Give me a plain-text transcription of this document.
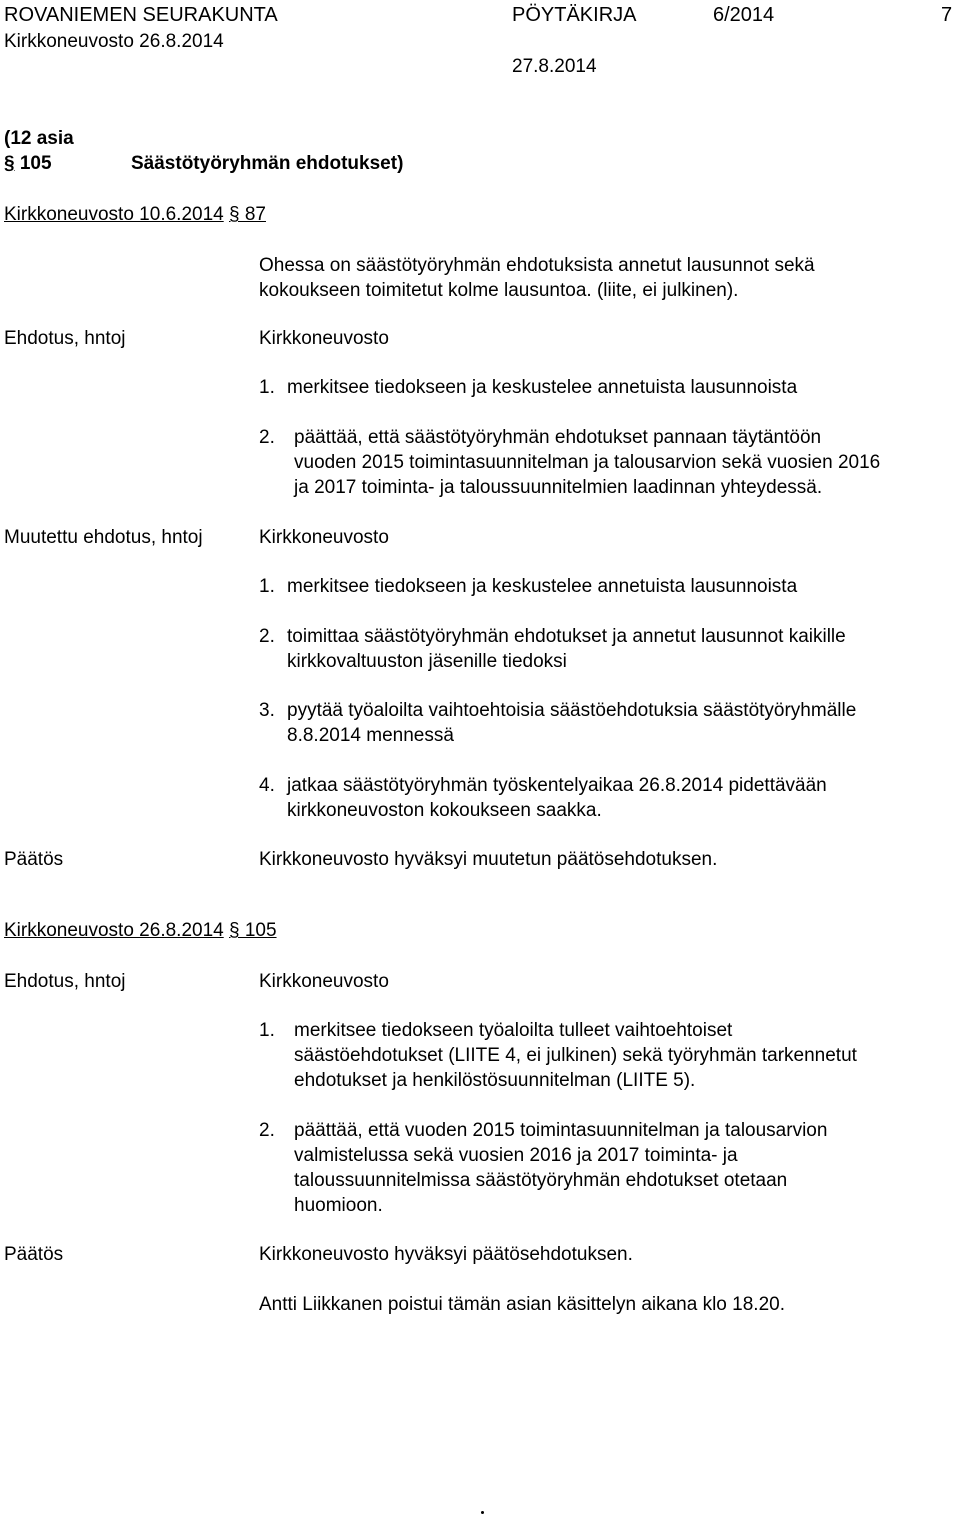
ROVANIEMEN SEURAKUNTA	PÖYTÄKIRJA	6/2014	7
Kirkkoneuvosto 26.8.2014
27.8.2014
(12 asia
§ 105	Säästötyöryhmän ehdotukset)
Kirkkoneuvosto 10.6.2014 § 87
Ohessa on säästötyöryhmän ehdotuksista annetut lausunnot sekä
kokoukseen toimitetut kolme lausuntoa. (liite, ei julkinen).
Ehdotus, hntoj	Kirkkoneuvosto
1. merkitsee tiedokseen ja keskustelee annetuista lausunnoista
2. päättää, että säästötyöryhmän ehdotukset pannaan täytäntöön
vuoden 2015 toimintasuunnitelman ja talousarvion sekä vuosien 2016
ja 2017 toiminta- ja taloussuunnitelmien laadinnan yhteydessä.
Muutettu ehdotus, hntoj	Kirkkoneuvosto
1. merkitsee tiedokseen ja keskustelee annetuista lausunnoista
2. toimittaa säästötyöryhmän ehdotukset ja annetut lausunnot kaikille
kirkkovaltuuston jäsenille tiedoksi
3. pyytää työaloilta vaihtoehtoisia säästöehdotuksia säästötyöryhmälle
8.8.2014 mennessä
4. jatkaa säästötyöryhmän työskentelyaikaa 26.8.2014 pidettävään
kirkkoneuvoston kokoukseen saakka.
Päätös	Kirkkoneuvosto hyväksyi muutetun päätösehdotuksen.
Kirkkoneuvosto 26.8.2014 § 105
Ehdotus, hntoj	Kirkkoneuvosto
1. merkitsee tiedokseen työaloilta tulleet vaihtoehtoiset
säästöehdotukset (LIITE 4, ei julkinen) sekä työryhmän tarkennetut
ehdotukset ja henkilöstösuunnitelman (LIITE 5).
2. päättää, että vuoden 2015 toimintasuunnitelman ja talousarvion
valmistelussa sekä vuosien 2016 ja 2017 toiminta- ja
taloussuunnitelmissa säästötyöryhmän ehdotukset otetaan
huomioon.
Päätös	Kirkkoneuvosto hyväksyi päätösehdotuksen.
Antti Liikkanen poistui tämän asian käsittelyn aikana klo 18.20.
